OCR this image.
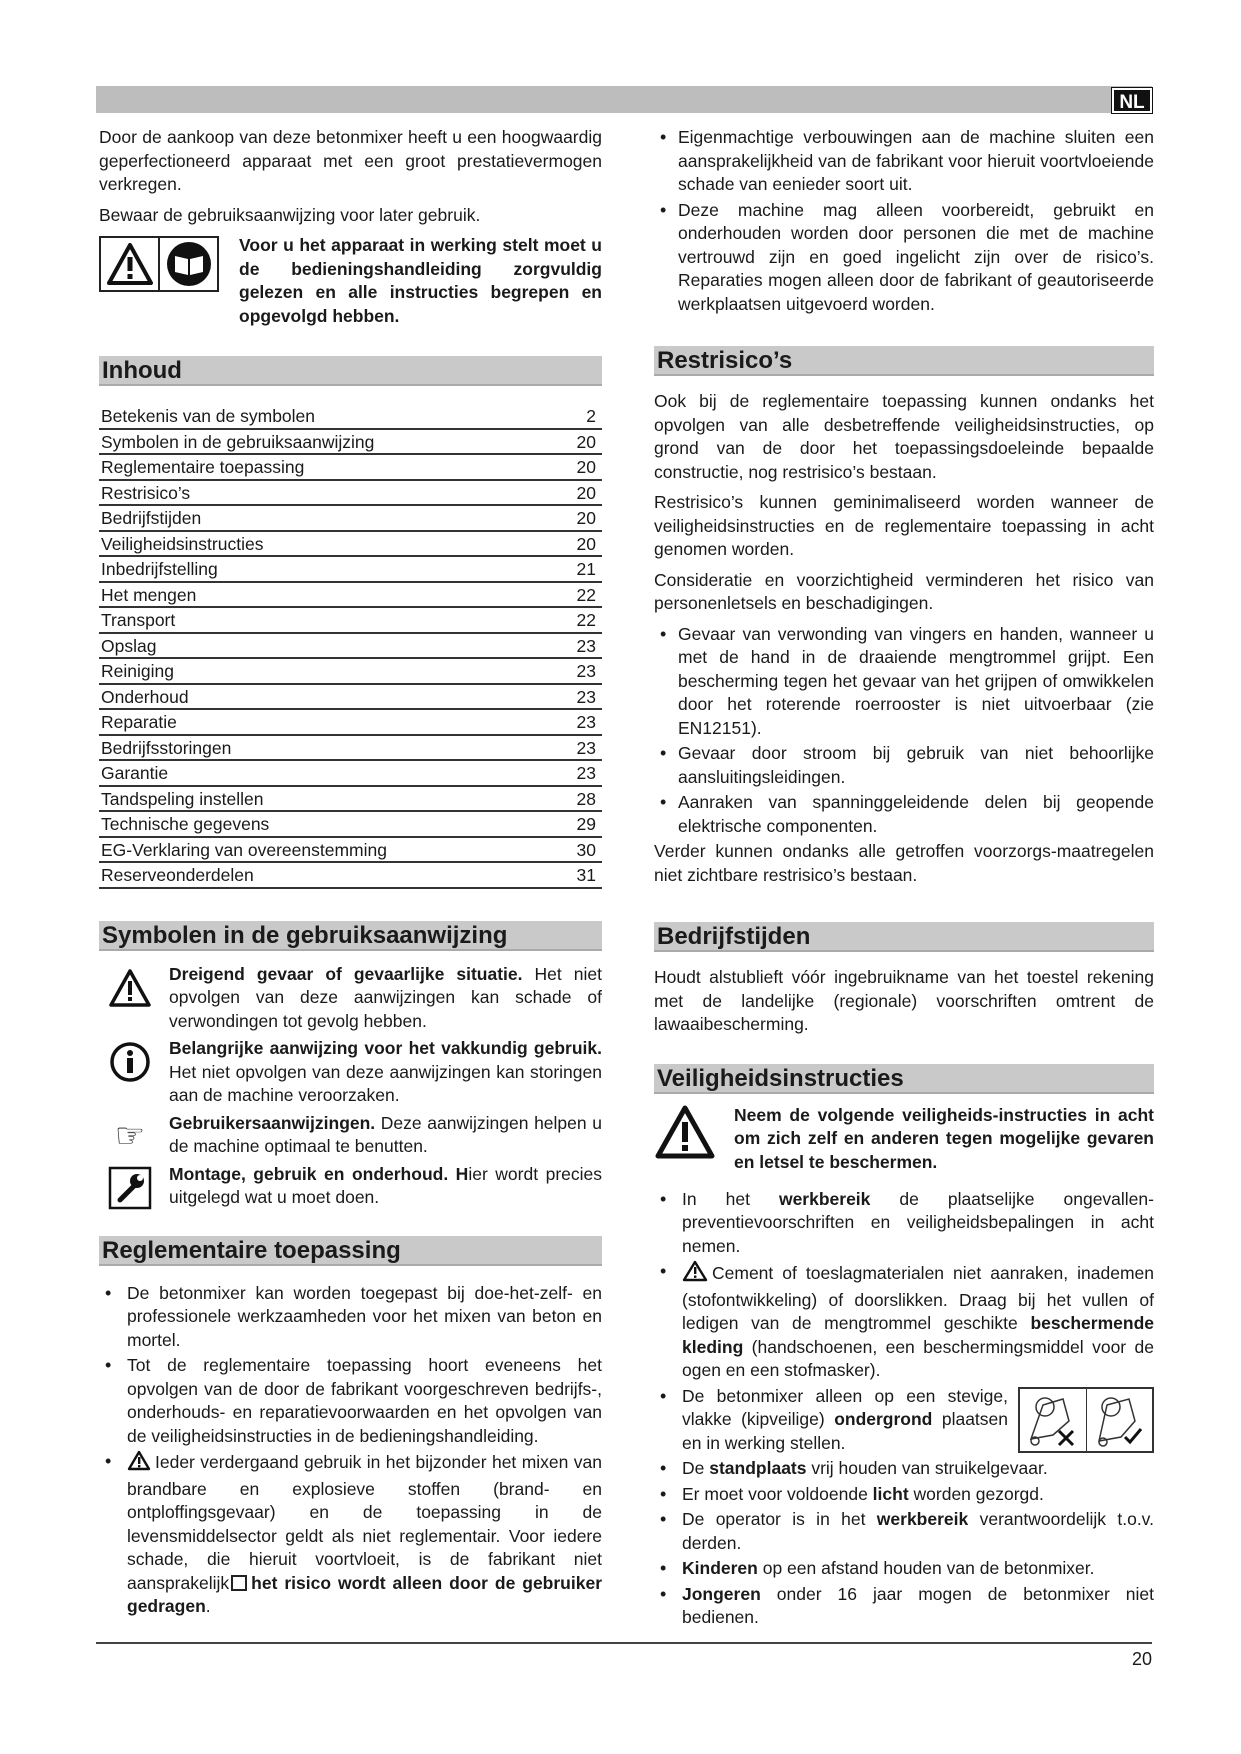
NL

Door de aankoop van deze betonmixer heeft u een hoogwaardig geperfectioneerd apparaat met een groot prestatievermogen verkregen.

Bewaar de gebruiksaanwijzing voor later gebruik.

Voor u het apparaat in werking stelt moet u de bedieningshandleiding zorgvuldig gelezen en alle instructies begrepen en opgevolgd hebben.
Inhoud
Betekenis van de symbolen	2
Symbolen in de gebruiksaanwijzing	20
Reglementaire toepassing	20
Restrisico’s	20
Bedrijfstijden	20
Veiligheidsinstructies	20
Inbedrijfstelling	21
Het mengen	22
Transport	22
Opslag	23
Reiniging	23
Onderhoud	23
Reparatie	23
Bedrijfsstoringen	23
Garantie	23
Tandspeling instellen	28
Technische gegevens	29
EG-Verklaring van overeenstemming	30
Reserveonderdelen	31
Symbolen in de gebruiksaanwijzing
Dreigend gevaar of gevaarlijke situatie. Het niet opvolgen van deze aanwijzingen kan schade of verwondingen tot gevolg hebben.
Belangrijke aanwijzing voor het vakkundig gebruik. Het niet opvolgen van deze aanwijzingen kan storingen aan de machine veroorzaken.
☞	Gebruikersaanwijzingen. Deze aanwijzingen helpen u de machine optimaal te benutten.
Montage, gebruik en onderhoud. Hier wordt precies uitgelegd wat u moet doen.
Reglementaire toepassing
• De betonmixer kan worden toegepast bij doe-het-zelf- en professionele werkzaamheden voor het mixen van beton en mortel.
• Tot de reglementaire toepassing hoort eveneens het opvolgen van de door de fabrikant voorgeschreven bedrijfs-, onderhouds- en reparatievoorwaarden en het opvolgen van de veiligheidsinstructies in de bedieningshandleiding.
• Ieder verdergaand gebruik in het bijzonder het mixen van brandbare en explosieve stoffen (brand- en ontploffingsgevaar) en de toepassing in de levensmiddelsector geldt als niet reglementair. Voor iedere schade, die hieruit voortvloeit, is de fabrikant niet aansprakelijk het risico wordt alleen door de gebruiker gedragen.
• Eigenmachtige verbouwingen aan de machine sluiten een aansprakelijkheid van de fabrikant voor hieruit voortvloeiende schade van eenieder soort uit.
• Deze machine mag alleen voorbereidt, gebruikt en onderhouden worden door personen die met de machine vertrouwd zijn en goed ingelicht zijn over de risico’s. Reparaties mogen alleen door de fabrikant of geautoriseerde werkplaatsen uitgevoerd worden.
Restrisico’s

Ook bij de reglementaire toepassing kunnen ondanks het opvolgen van alle desbetreffende veiligheidsinstructies, op grond van de door het toepassingsdoeleinde bepaalde constructie, nog restrisico’s bestaan.

Restrisico’s kunnen geminimaliseerd worden wanneer de veiligheidsinstructies en de reglementaire toepassing in acht genomen worden.

Consideratie en voorzichtigheid verminderen het risico van personenletsels en beschadigingen.

• Gevaar van verwonding van vingers en handen, wanneer u met de hand in de draaiende mengtrommel grijpt. Een bescherming tegen het gevaar van het grijpen of omwikkelen door het roterende roerrooster is niet uitvoerbaar (zie EN12151).
• Gevaar door stroom bij gebruik van niet behoorlijke aansluitingsleidingen.
• Aanraken van spanninggeleidende delen bij geopende elektrische componenten.

Verder kunnen ondanks alle getroffen voorzorgs-maatregelen niet zichtbare restrisico’s bestaan.

Bedrijfstijden

Houdt alstublieft vóór ingebruikname van het toestel rekening met de landelijke (regionale) voorschriften omtrent de lawaaibescherming.

Veiligheidsinstructies
Neem de volgende veiligheids-instructies in acht om zich zelf en anderen tegen mogelijke gevaren en letsel te beschermen.
• In het werkbereik de plaatselijke ongevallen-preventievoorschriften en veiligheidsbepalingen in acht nemen.
• Cement of toeslagmaterialen niet aanraken, inademen (stofontwikkeling) of doorslikken. Draag bij het vullen of ledigen van de mengtrommel geschikte beschermende kleding (handschoenen, een beschermingsmiddel voor de ogen en een stofmasker).
• De betonmixer alleen op een stevige, vlakke (kipveilige) ondergrond plaatsen en in werking stellen.
• De standplaats vrij houden van struikelgevaar.
• Er moet voor voldoende licht worden gezorgd.
• De operator is in het werkbereik verantwoordelijk t.o.v. derden.
• Kinderen op een afstand houden van de betonmixer.
• Jongeren onder 16 jaar mogen de betonmixer niet bedienen.
20
